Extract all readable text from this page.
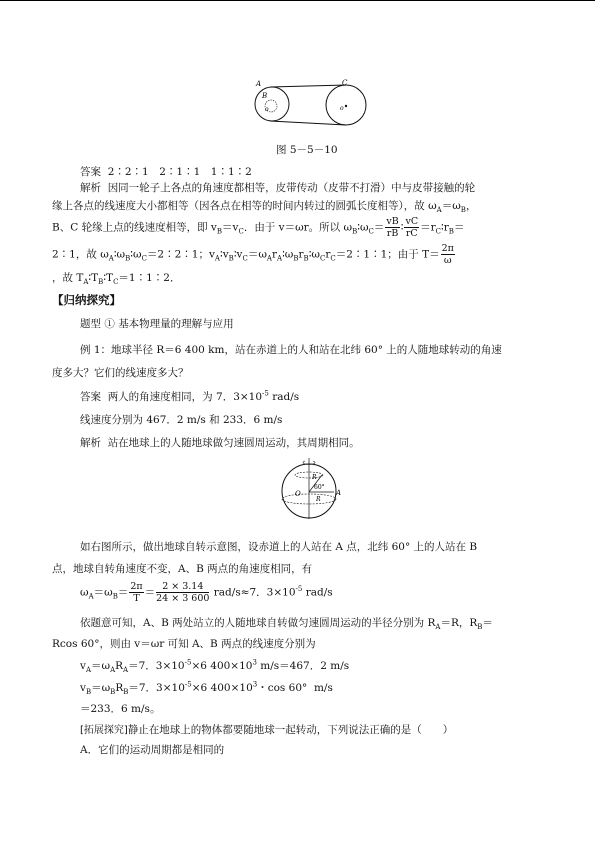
A
B
C
o	o
图 5－5－10
答案 2∶2∶1　2∶1∶1　1∶1∶2
解析 因同一轮子上各点的角速度都相等，皮带传动（皮带不打滑）中与皮带接触的轮
缘上各点的线速度大小都相等（因各点在相等的时间内转过的圆弧长度相等），故 $\omega_A=\omega_B$，
B、C 轮缘上点的线速度相等，即 $v_B=v_C$．由于 v＝ωr。所以 $\omega_B∶\omega_C= \frac{vB}{rB}$ ∶ $\frac{vC}{rC}$ $=r_C∶r_B=$
2∶1，故 $\omega_A∶\omega_B∶\omega_C=2∶2∶1$；$v_A∶v_B∶v_C=\omega_Ar_A∶\omega_Br_B∶\omega_Cr_C=2∶1∶1$；由于 $T= \frac{2\pi}{\omega}$
，故 $T_A∶T_B∶T_C=1∶1∶2$．
【归纳探究】
题型 ① 基本物理量的理解与应用
例 1：地球半径 R＝6 400 km，站在赤道上的人和站在北纬 60° 上的人随地球转动的角速
度多大？它们的线速度多大？
答案 两人的角速度相同，为 7．$3\times 10^{-5}$ rad/s
线速度分别为 467．2 m/s 和 233．6 m/s
解析 站在地球上的人随地球做匀速圆周运动，其周期相同。
O	A
60°
R
R
如右图所示，做出地球自转示意图，设赤道上的人站在 A 点，北纬 60° 上的人站在 B
点，地球自转角速度不变，A、B 两点的角速度相同，有
$\omega_A=\omega_B= \frac{2\pi}{T} = \frac{2 \times 3.14}{24 \times 3 600} rad/s\approx 7$．$3\times 10^{-5}$ rad/s
依题意可知，A、B 两处站立的人随地球自转做匀速圆周运动的半径分别为 $R_A=R$，$R_B=$
Rcos 60°，则由 v＝ωr 可知 A、B 两点的线速度分别为
$v_A=\omega_AR_A=7$．$3\times 10^{-5}\times 6$ $400\times 10^3$ m/s＝467．2 m/s
$v_B=\omega_BR_B=7$．$3\times 10^{-5}\times 6$ $400\times 10^3$・cos 60°  m/s
＝233．6 m/s。
[拓展探究]静止在地球上的物体都要随地球一起转动，下列说法正确的是（　　）
A．它们的运动周期都是相同的
